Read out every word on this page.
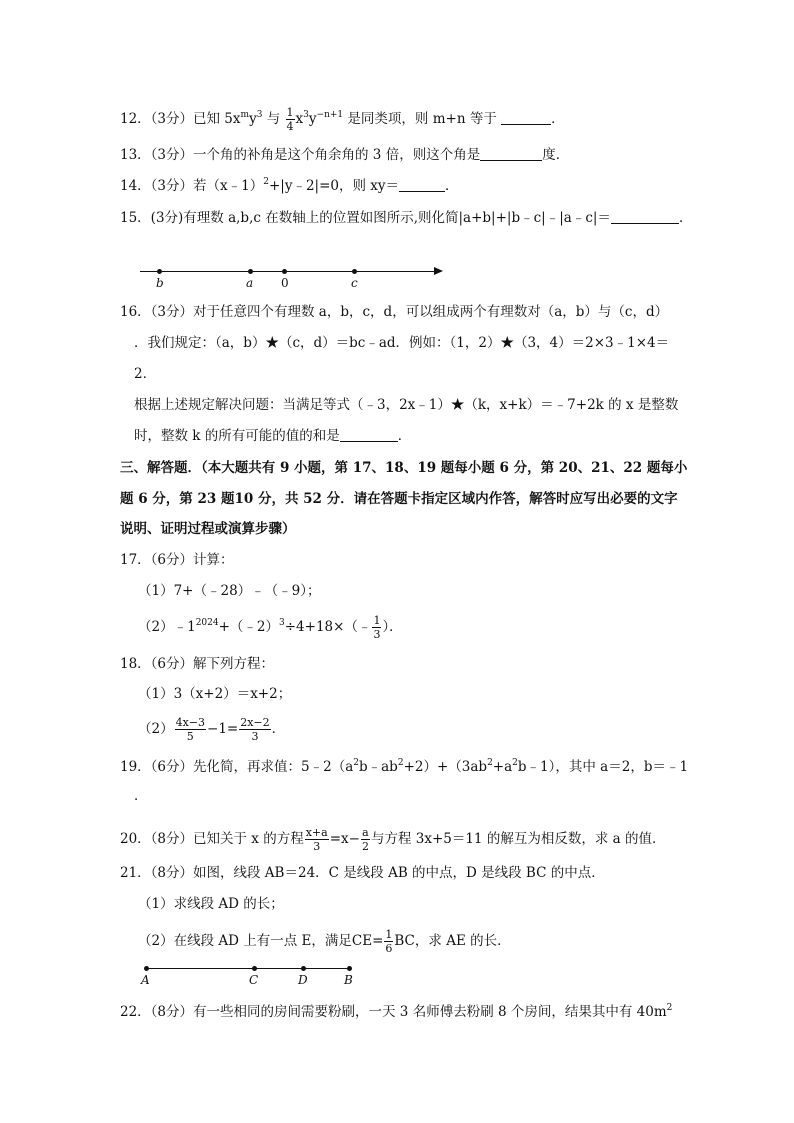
12．（3分）已知 $5x^my^3$ 与 $\frac{1}{4} x^3y^{-n+1}$ 是同类项，则 m+n 等于	．
13．（3分）一个角的补角是这个角余角的 3 倍，则这个角是	度．
14．（3分）若（x﹣1）$^2$+|y﹣2|=0，则 xy＝	．
15．(3分)有理数 a,b,c 在数轴上的位置如图所示,则化简|a+b|+|b﹣c|﹣|a﹣c|＝	．
b	a 0	c
16．（3分）对于任意四个有理数 a，b，c，d，可以组成两个有理数对（a，b）与（c，d）
．我们规定：（a，b）★（c，d）＝bc﹣ad．例如：（1，2）★（3，4）＝2×3﹣1×4＝
2．
根据上述规定解决问题：当满足等式（﹣3，2x﹣1）★（k，x+k）＝﹣7+2k 的 x 是整数
时，整数 k 的所有可能的值的和是	．
三、解答题．（本大题共有 9 小题，第 17、18、19 题每小题 6 分，第 20、21、22 题每小
题 6 分，第 23 题10 分，共 52 分．请在答题卡指定区域内作答，解答时应写出必要的文字
说明、证明过程或演算步骤）
17．（6分）计算：
（1）7+（﹣28）﹣（﹣9）；
$(2)﹣1^{2024}+(﹣2)^3\div 4+18\times(﹣ \frac{1}{3}$ ）．
18．（6分）解下列方程：
（1）3（x+2）＝x+2；
$(2) \frac{4x-3}{5} -1= \frac{2x-2}{3}$ ．
19．（6分）先化简，再求值：$5﹣2(a^2b﹣ab^2+2)+(3ab^2+a^2b﹣1)$，其中 a＝2，b＝﹣1
．
20．（8分）已知关于 x 的方程 $\frac{x+a}{3} =x- \frac{a}{2}$ 与方程 3x+5＝11 的解互为相反数，求 a 的值．
21．（8分）如图，线段 AB＝24．C 是线段 AB 的中点，D 是线段 BC 的中点．
（1）求线段 AD 的长；
（2）在线段 AD 上有一点 E，满足$CE= \frac{1}{6}$ BC，求 AE 的长．
A	C	D	B
22．（8分）有一些相同的房间需要粉刷，一天 3 名师傅去粉刷 8 个房间，结果其中有 $40m^2$
